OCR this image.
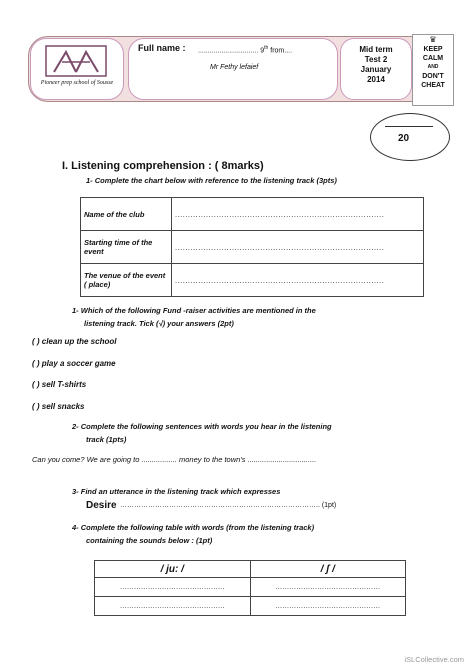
Pioneer prep school of Sousse
Full name : ............................... 9th from....
Mr Fethy lefaief
Mid term
Test 2
January
2014
♛
KEEP
CALM
AND
DON'T
CHEAT
20
I. Listening comprehension : ( 8marks)
1- Complete the chart below with reference to the listening track (3pts)
Name of the club	.................................................................................
Starting time of the event	.................................................................................
The venue of the event ( place)	.................................................................................
1- Which of the following Fund -raiser activities are mentioned in the
listening track. Tick (√) your answers (2pt)
( ) clean up the school
( ) play a soccer game
( ) sell T-shirts
( ) sell snacks
2- Complete the following sentences with words you hear in the listening
track (1pts)
Can you come? We are going to ................. money to the town's .................................
3- Find an utterance in the listening track which expresses
Desire ………………………………………………………………………….. (1pt)
4- Complete the following table with words (from the listening track)
containing the sounds below : (1pt)
/ ju: /	/ ʃ /
………………………………………	………………………………………
………………………………………	………………………………………
iSLCollective.com
